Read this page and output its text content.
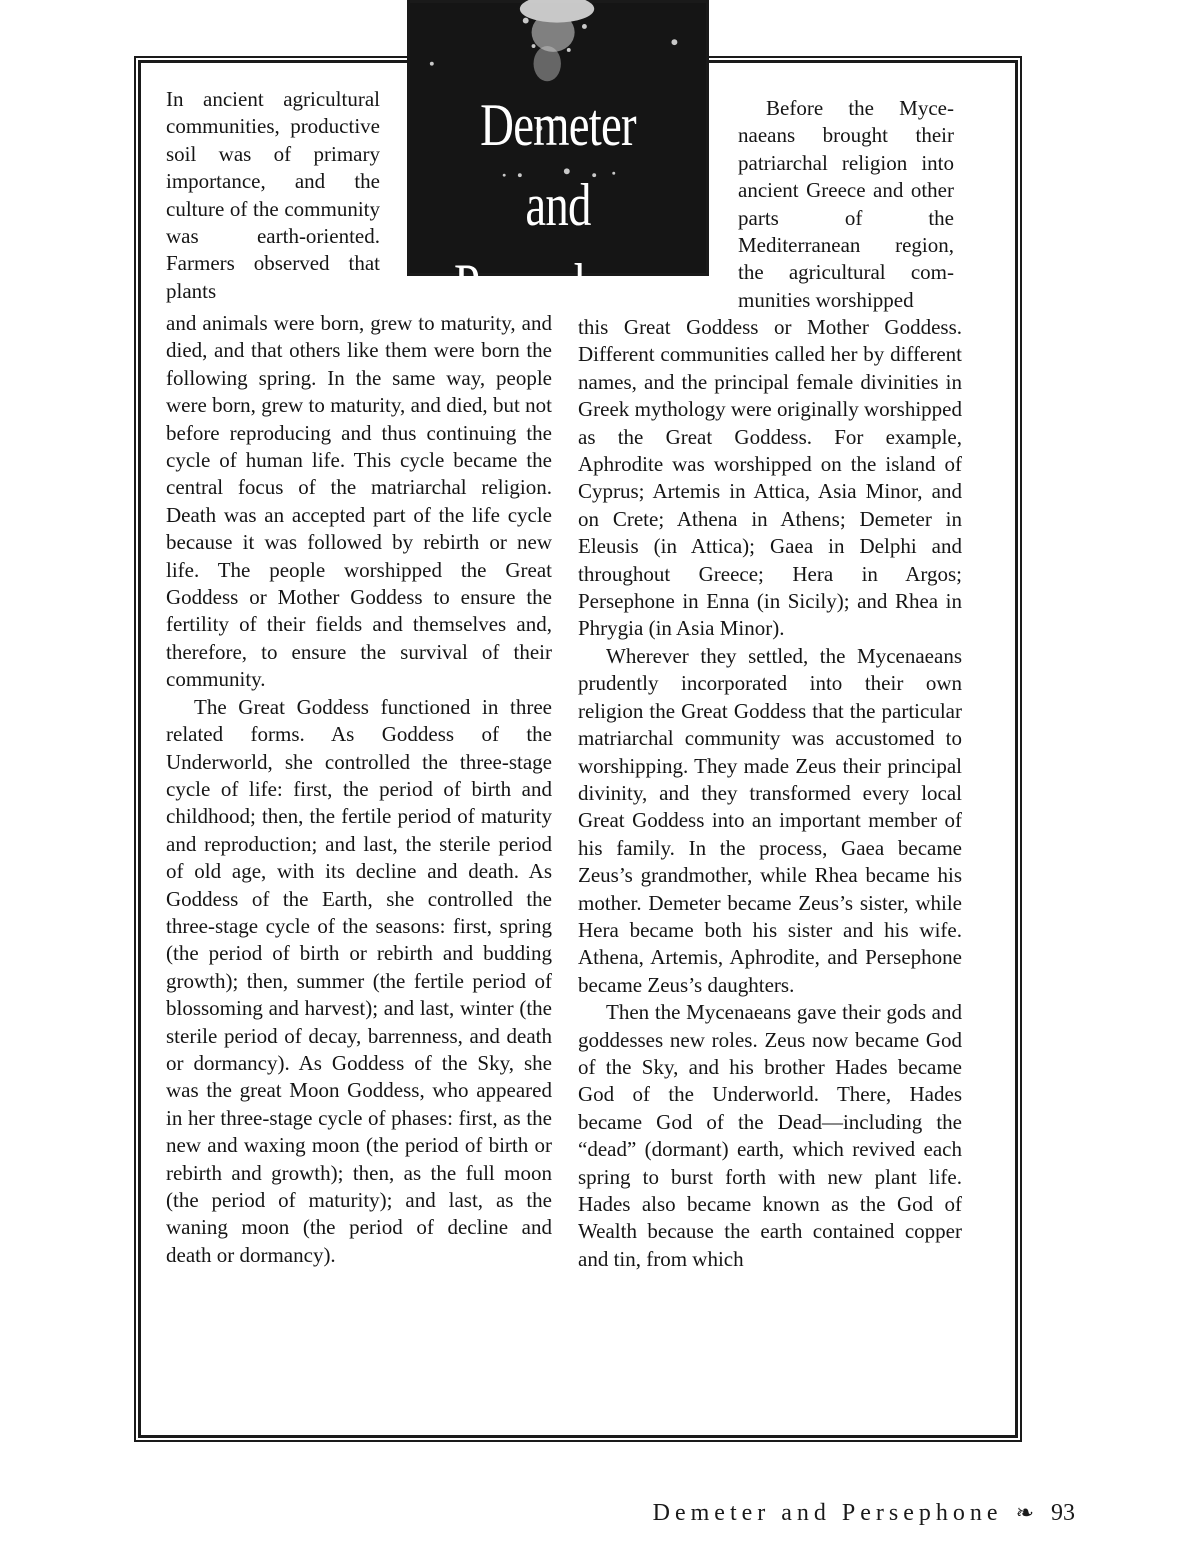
Demeter and
Persephone

In ancient agricultural communities, productive soil was of primary importance, and the culture of the community was earth-oriented. Farmers observed that plants

and animals were born, grew to maturity, and died, and that others like them were born the following spring. In the same way, people were born, grew to maturity, and died, but not before reproducing and thus continuing the cycle of human life. This cycle became the central focus of the matriarchal religion. Death was an accepted part of the life cycle because it was followed by rebirth or new life. The people worshipped the Great Goddess or Mother Goddess to ensure the fertility of their fields and themselves and, therefore, to ensure the survival of their community.

The Great Goddess functioned in three related forms. As Goddess of the Underworld, she controlled the three-stage cycle of life: first, the period of birth and childhood; then, the fertile period of maturity and reproduction; and last, the sterile period of old age, with its decline and death. As Goddess of the Earth, she controlled the three-stage cycle of the seasons: first, spring (the period of birth or rebirth and budding growth); then, summer (the fertile period of blossoming and harvest); and last, winter (the sterile period of decay, barrenness, and death or dormancy). As Goddess of the Sky, she was the great Moon Goddess, who appeared in her three-stage cycle of phases: first, as the new and waxing moon (the period of birth or rebirth and growth); then, as the full moon (the period of maturity); and last, as the waning moon (the period of decline and death or dormancy).

Before the Mycenaeans brought their patriarchal religion into ancient Greece and other parts of the Mediterranean region, the agricultural communities worshipped

this Great Goddess or Mother Goddess. Different communities called her by different names, and the principal female divinities in Greek mythology were originally worshipped as the Great Goddess. For example, Aphrodite was worshipped on the island of Cyprus; Artemis in Attica, Asia Minor, and on Crete; Athena in Athens; Demeter in Eleusis (in Attica); Gaea in Delphi and throughout Greece; Hera in Argos; Persephone in Enna (in Sicily); and Rhea in Phrygia (in Asia Minor).

Wherever they settled, the Mycenaeans prudently incorporated into their own religion the Great Goddess that the particular matriarchal community was accustomed to worshipping. They made Zeus their principal divinity, and they transformed every local Great Goddess into an important member of his family. In the process, Gaea became Zeus’s grandmother, while Rhea became his mother. Demeter became Zeus’s sister, while Hera became both his sister and his wife. Athena, Artemis, Aphrodite, and Persephone became Zeus’s daughters.

Then the Mycenaeans gave their gods and goddesses new roles. Zeus now became God of the Sky, and his brother Hades became God of the Underworld. There, Hades became God of the Dead—including the “dead” (dormant) earth, which revived each spring to burst forth with new plant life. Hades also became known as the God of Wealth because the earth contained copper and tin, from which

Demeter and Persephone ❧ 93
